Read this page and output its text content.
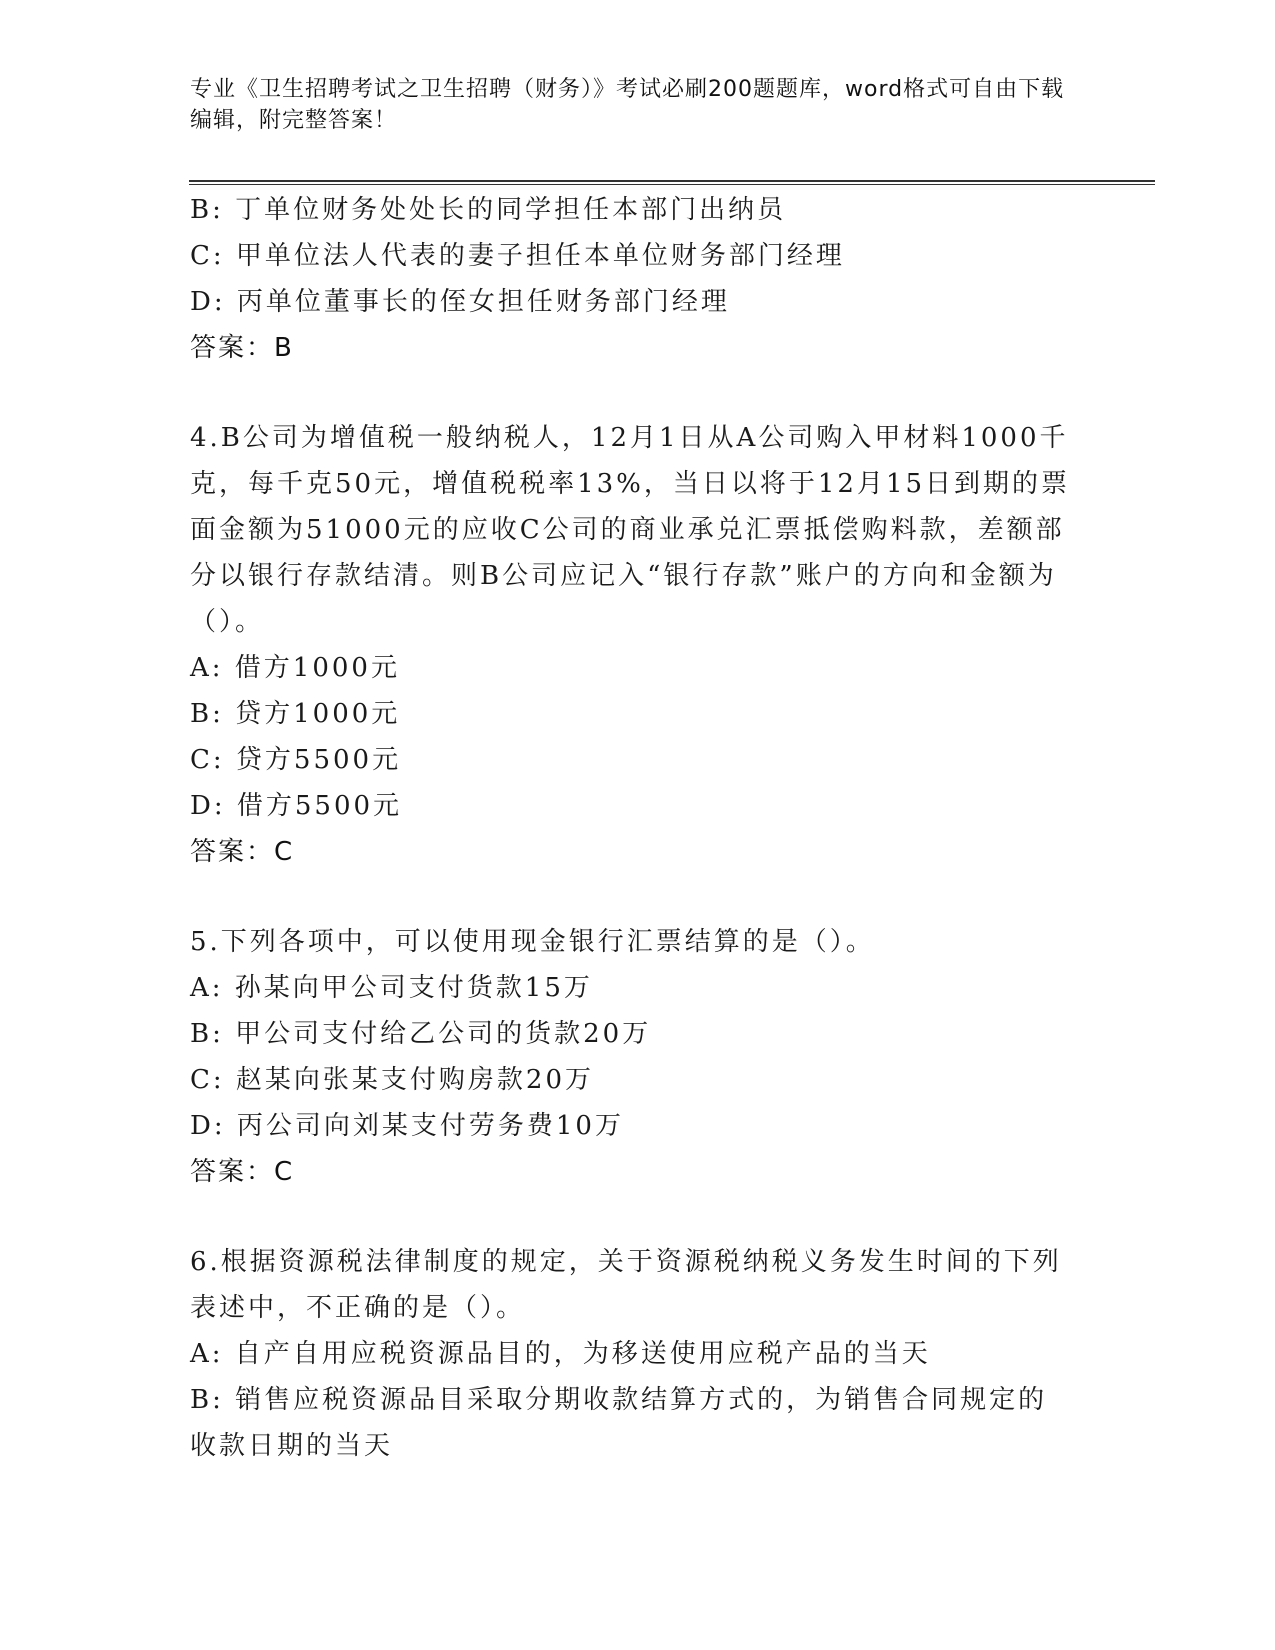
专业《卫生招聘考试之卫生招聘（财务）》考试必刷200题题库，word格式可自由下载编辑，附完整答案！
B: 丁单位财务处处长的同学担任本部门出纳员
C: 甲单位法人代表的妻子担任本单位财务部门经理
D: 丙单位董事长的侄女担任财务部门经理
答案：B
4.B公司为增值税一般纳税人，12月1日从A公司购入甲材料1000千克，每千克50元，增值税税率13%，当日以将于12月15日到期的票面金额为51000元的应收C公司的商业承兑汇票抵偿购料款，差额部分以银行存款结清。则B公司应记入“银行存款”账户的方向和金额为（）。
A: 借方1000元
B: 贷方1000元
C: 贷方5500元
D: 借方5500元
答案：C
5.下列各项中，可以使用现金银行汇票结算的是（）。
A: 孙某向甲公司支付货款15万
B: 甲公司支付给乙公司的货款20万
C: 赵某向张某支付购房款20万
D: 丙公司向刘某支付劳务费10万
答案：C
6.根据资源税法律制度的规定，关于资源税纳税义务发生时间的下列表述中，不正确的是（）。
A: 自产自用应税资源品目的，为移送使用应税产品的当天
B: 销售应税资源品目采取分期收款结算方式的，为销售合同规定的收款日期的当天
